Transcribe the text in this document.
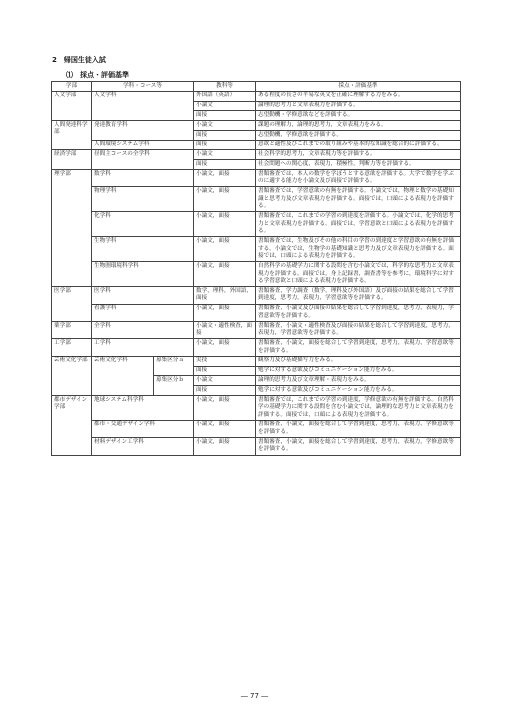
2　帰国生徒入試
⑴　採点・評価基準
学部	学科・コース等		教科等	採点・評価基準
人文学部	人文学科		外国語（英語）	ある程度の長さの平易な英文を正確に理解する力をみる。
			小論文	論理的思考力と文章表現力を評価する。
			面接	志望動機・学修意欲などを評価する。
人間発達科学部	発達教育学科		小論文	課題の理解力，論理的思考力，文章表現力をみる。
			面接	志望動機，学修意欲を評価する。
	人間環境システム学科		面接	意欲と適性及びこれまでの取り組みや基本的な知識を総合的に評価する。
経済学部	昼間主コースの全学科		小論文	社会科学的思考力，文章表現力等を評価する。
			面接	社会問題への関心度，表現力，積極性，判断力等を評価する。
理学部	数学科		小論文，面接	書類審査では，本人の数学を学ぼうとする意欲を評価する。大学で数学を学ぶのに適する能力を小論文及び面接で評価する。
	物理学科		小論文，面接	書類審査では，学習意欲の有無を評価する。小論文では，物理と数学の基礎知識と思考力及び文章表現力を評価する。面接では，口頭による表現力を評価する。
	化学科		小論文，面接	書類審査では，これまでの学習の到達度を評価する。小論文では，化学的思考力と文章表現力を評価する。面接では，学習意欲と口頭による表現力を評価する。
	生物学科		小論文，面接	書類審査では，生物及びその他の科目の学習の到達度と学習意欲の有無を評価する。小論文では，生物学の基礎知識と思考力及び文章表現力を評価する。面接では，口頭による表現力を評価する。
	生物圏環境科学科		小論文，面接	自然科学の基礎学力に関する設問を含む小論文では，科学的な思考力と文章表現力を評価する。面接では，身上記録書，調査書等を参考に，環境科学に対する学習意欲と口頭による表現力を評価する。
医学部	医学科		数学，理科，外国語，面接	書類審査，学力調査（数学，理科及び外国語）及び面接の結果を総合して学習到達度，思考力，表現力，学習意欲等を評価する。
	看護学科		小論文，面接	書類審査，小論文及び面接の結果を総合して学習到達度，思考力，表現力，学習意欲等を評価する。
薬学部	全学科		小論文・適性検査，面接	書類審査，小論文・適性検査及び面接の結果を総合して学習到達度，思考力，表現力，学習意欲等を評価する。
工学部	工学科		小論文，面接	書類審査，小論文，面接を総合して学習到達度，思考力，表現力，学習意欲等を評価する。
芸術文化学部	芸術文化学科	募集区分ａ	実技	観察力及び基礎描写力をみる。
			面接	勉学に対する意欲及びコミュニケーション能力をみる。
		募集区分ｂ	小論文	論理的思考力及び文章理解・表現力をみる。
			面接	勉学に対する意欲及びコミュニケーション能力をみる。
都市デザイン学部	地球システム科学科		小論文，面接	書類審査では，これまでの学習の到達度，学修意欲の有無を評価する。自然科学の基礎学力に関する設問を含む小論文では，論理的な思考力と文章表現力を評価する。面接では，口頭による表現力を評価する。
	都市・交通デザイン学科		小論文，面接	書類審査，小論文，面接を総合して学習到達度，思考力，表現力，学修意欲等を評価する。
	材料デザイン工学科		小論文，面接	書類審査，小論文，面接を総合して学習到達度，思考力，表現力，学修意欲等を評価する。
― 77 ―
